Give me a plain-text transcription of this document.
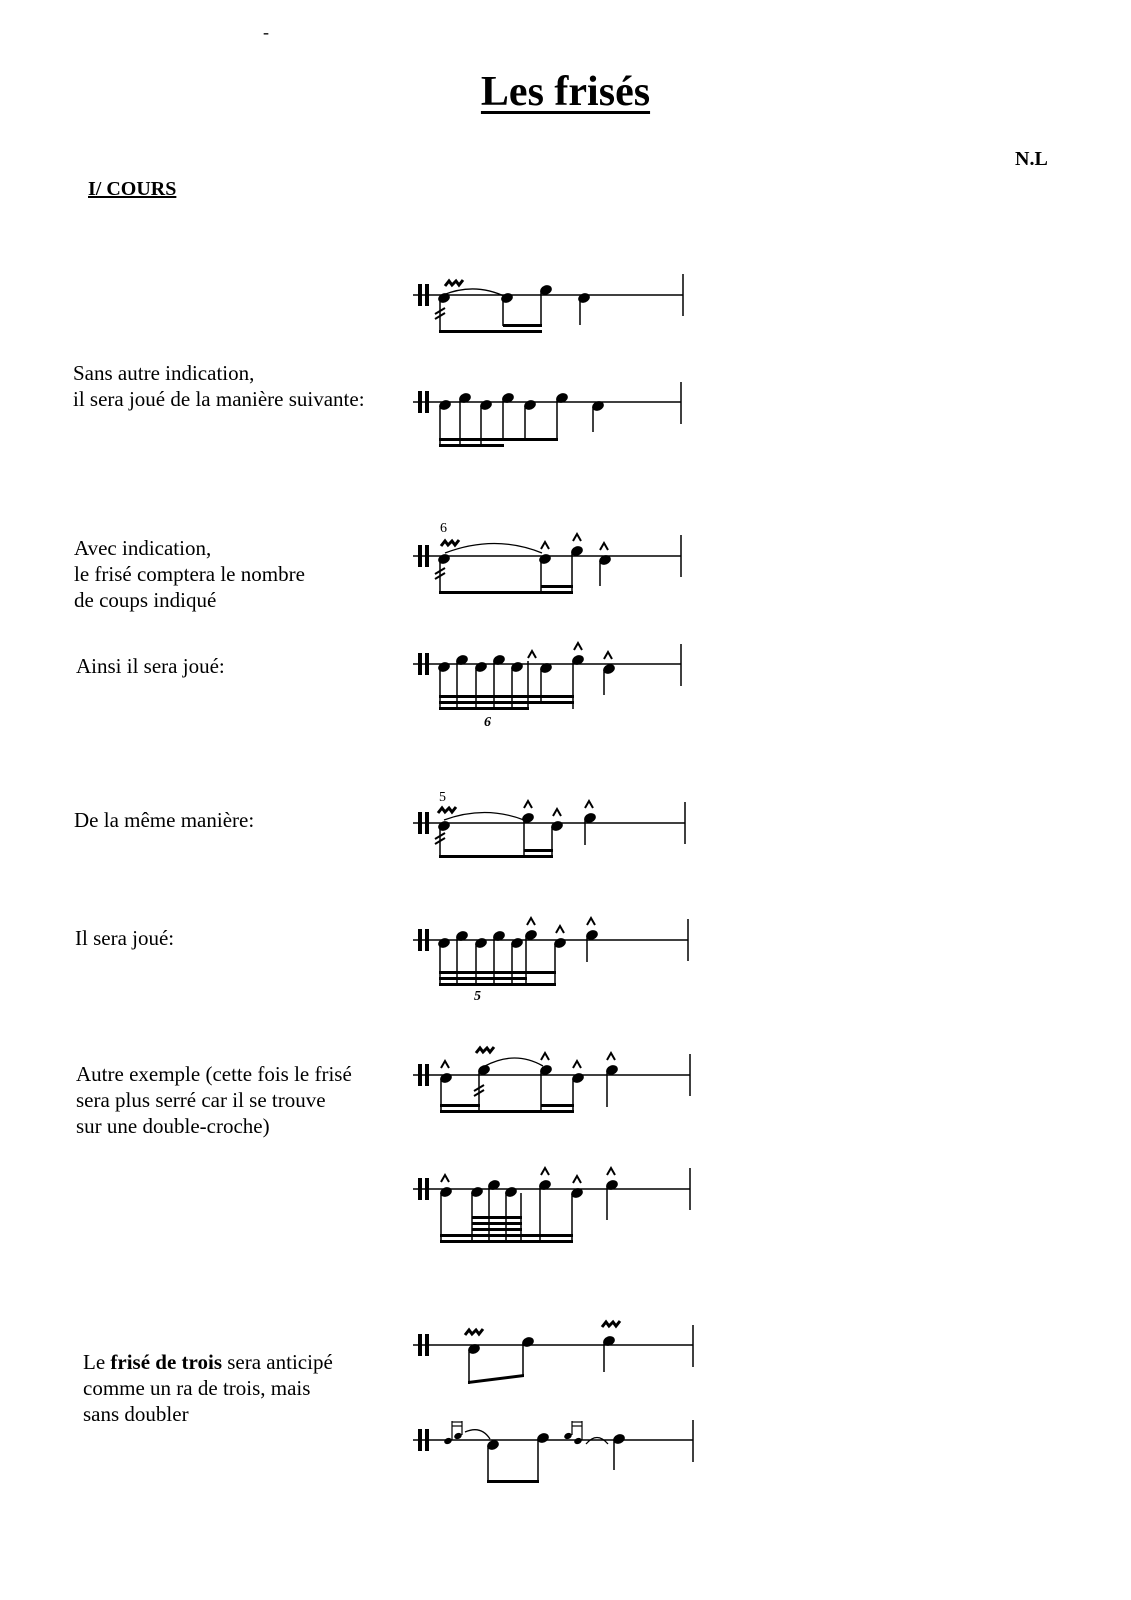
-
Les frisés
N.L
I/ COURS
Sans autre indication,
il sera joué de la manière suivante:
Avec indication,
le frisé comptera le nombre
de coups indiqué
Ainsi il sera joué:
De la même manière:
Il sera joué:
Autre exemple (cette fois le frisé
sera plus serré car il se trouve
sur une double-croche)
Le frisé de trois sera anticipé
comme un ra de trois, mais
sans doubler
6
6
5
5
